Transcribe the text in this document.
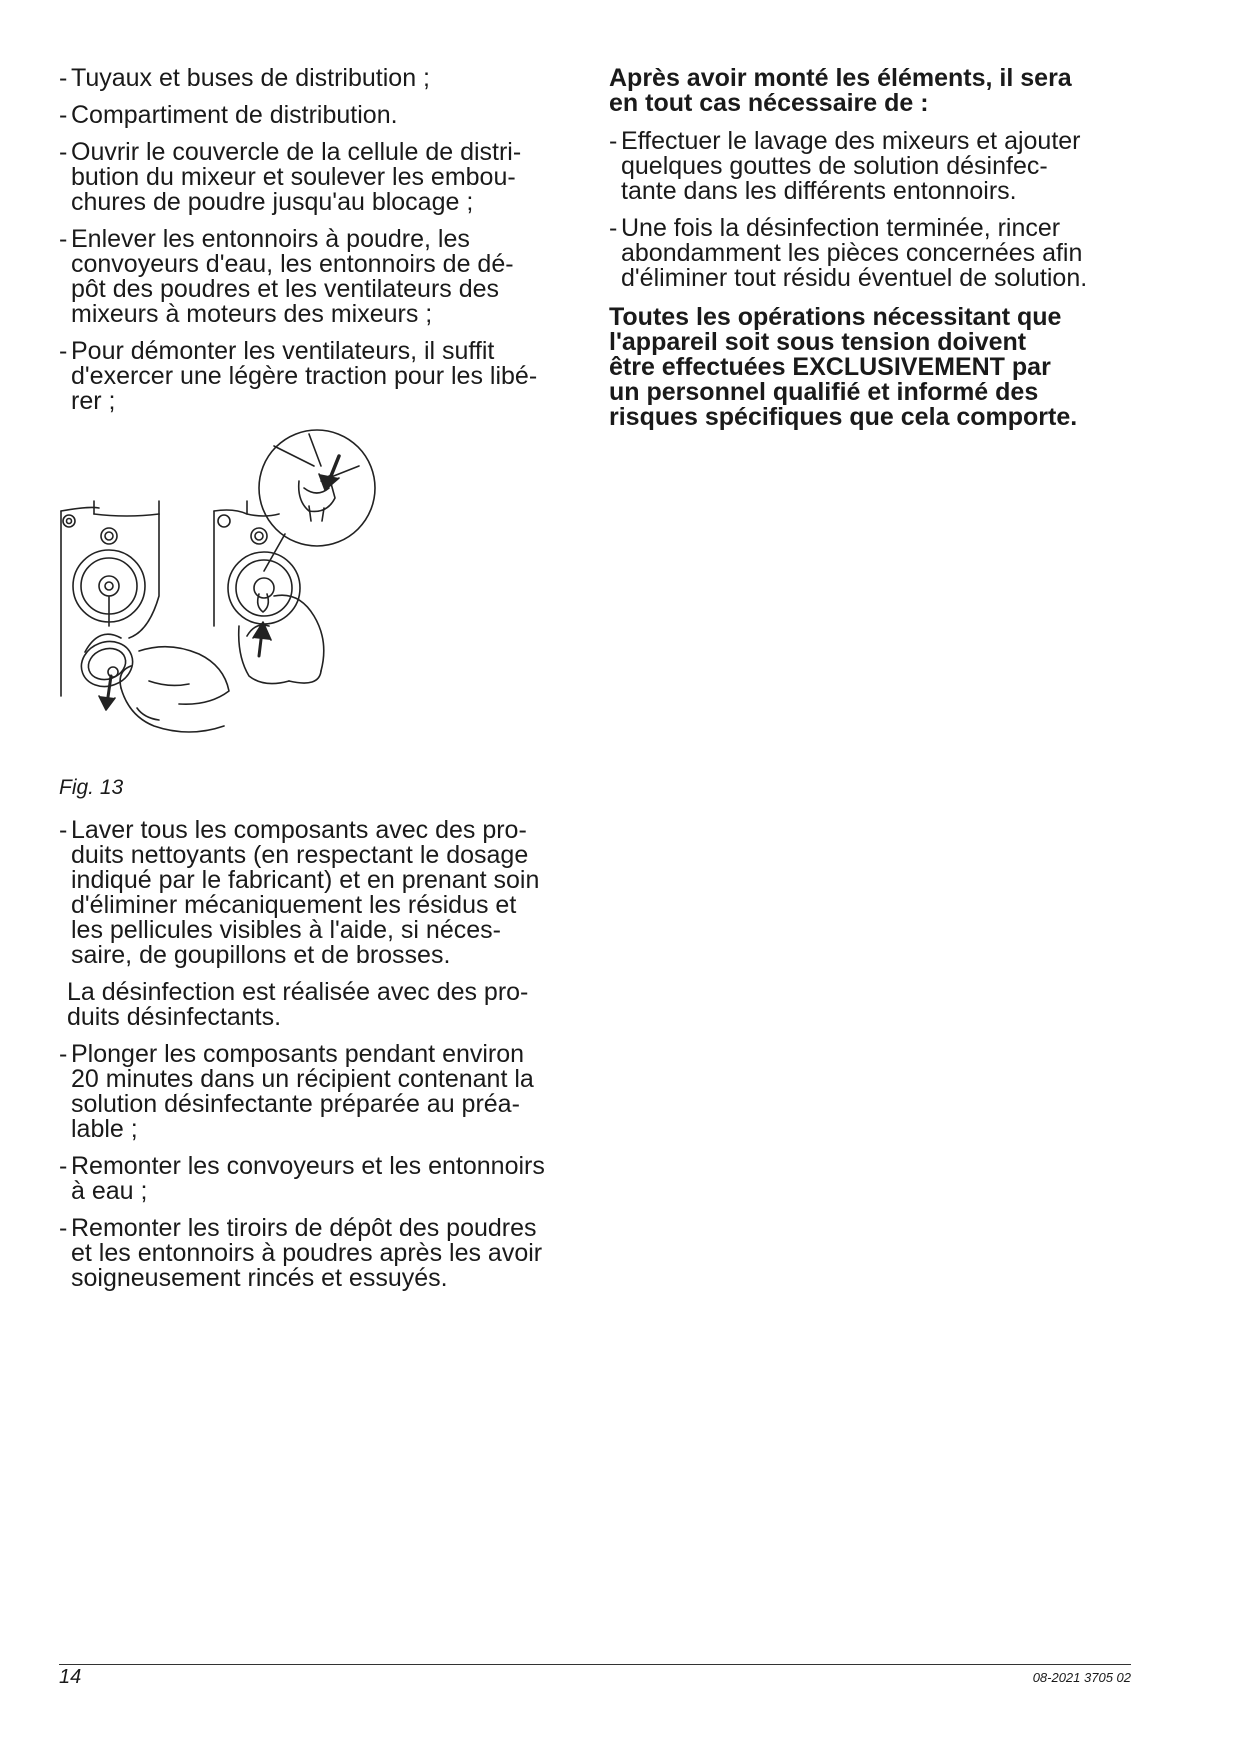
- Tuyaux et buses de distribution ;
- Compartiment de distribution.
- Ouvrir le couvercle de la cellule de distri-
bution du mixeur et soulever les embou-
chures de poudre jusqu'au blocage ;
- Enlever les entonnoirs à poudre, les
convoyeurs d'eau, les entonnoirs de dé-
pôt des poudres et les ventilateurs des
mixeurs à moteurs des mixeurs ;
- Pour démonter les ventilateurs, il suffit
d'exercer une légère traction pour les libé-
rer ;
Fig. 13
- Laver tous les composants avec des pro-
duits nettoyants (en respectant le dosage
indiqué par le fabricant) et en prenant soin
d'éliminer mécaniquement les résidus et
les pellicules visibles à l'aide, si néces-
saire, de goupillons et de brosses.
La désinfection est réalisée avec des pro-
duits désinfectants.
- Plonger les composants pendant environ
20 minutes dans un récipient contenant la
solution désinfectante préparée au préa-
lable ;
- Remonter les convoyeurs et les entonnoirs
à eau ;
- Remonter les tiroirs de dépôt des poudres
et les entonnoirs à poudres après les avoir
soigneusement rincés et essuyés.
Après avoir monté les éléments, il sera
en tout cas nécessaire de :
- Effectuer le lavage des mixeurs et ajouter
quelques gouttes de solution désinfec-
tante dans les différents entonnoirs.
- Une fois la désinfection terminée, rincer
abondamment les pièces concernées afin
d'éliminer tout résidu éventuel de solution.
Toutes les opérations nécessitant que
l'appareil soit sous tension doivent
être effectuées EXCLUSIVEMENT par
un personnel qualifié et informé des
risques spécifiques que cela comporte.
14	08-2021 3705 02
